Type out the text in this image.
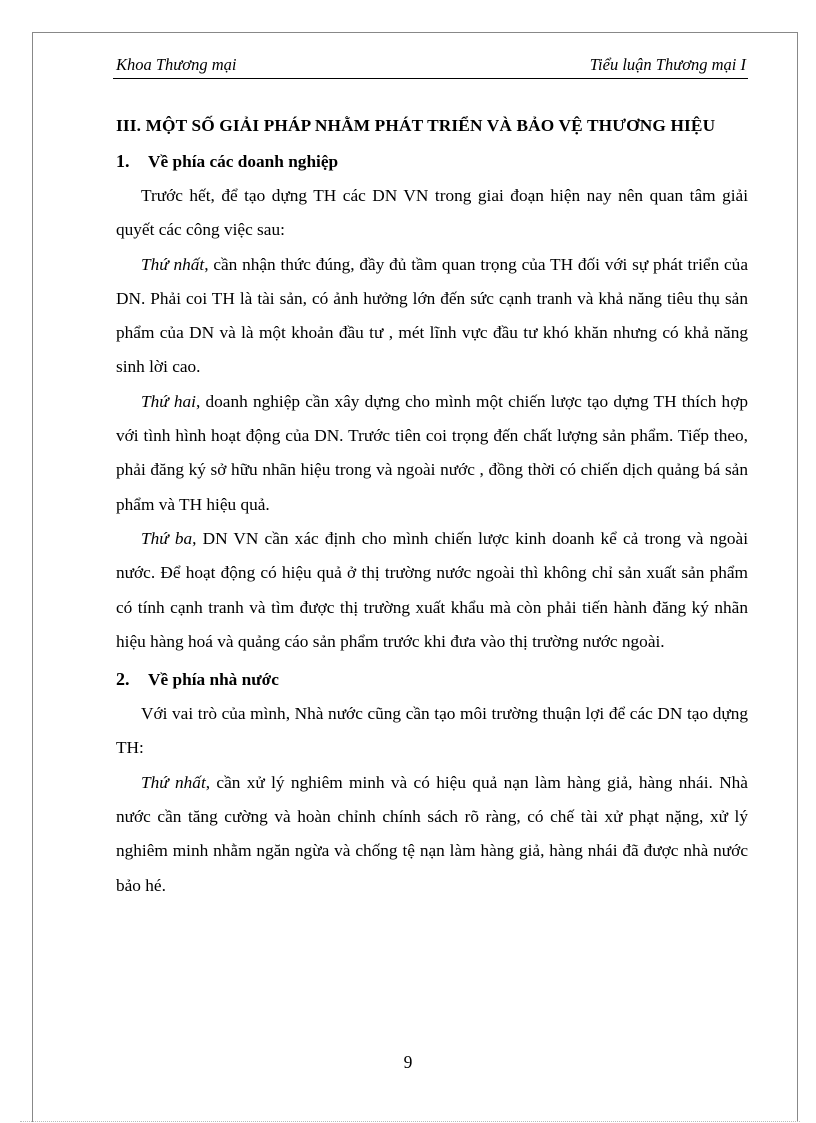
Khoa Thương mại	Tiểu luận Thương mại I

III. MỘT SỐ GIẢI PHÁP NHẰM PHÁT TRIỂN VÀ BẢO VỆ THƯƠNG HIỆU

1. Về phía các doanh nghiệp

Trước hết, để tạo dựng TH các DN VN trong giai đoạn hiện nay nên quan tâm giải quyết các công việc sau:

Thứ nhất, cần nhận thức đúng, đầy đủ tầm quan trọng của TH đối với sự phát triển của DN. Phải coi TH là tài sản, có ảnh hưởng lớn đến sức cạnh tranh và khả năng tiêu thụ sản phẩm của DN và là một khoản đầu tư , mét lĩnh vực đầu tư khó khăn nhưng có khả năng sinh lời cao.

Thứ hai, doanh nghiệp cần xây dựng cho mình một chiến lược tạo dựng TH thích hợp với tình hình hoạt động của DN. Trước tiên coi trọng đến chất lượng sản phẩm. Tiếp theo, phải đăng ký sở hữu nhãn hiệu trong và ngoài nước , đồng thời có chiến dịch quảng bá sản phẩm và TH hiệu quả.

Thứ ba, DN VN cần xác định cho mình chiến lược kinh doanh kể cả trong và ngoài nước. Để hoạt động có hiệu quả ở thị trường nước ngoài thì không chỉ sản xuất sản phẩm có tính cạnh tranh và tìm được thị trường xuất khẩu mà còn phải tiến hành đăng ký nhãn hiệu hàng hoá và quảng cáo sản phẩm trước khi đưa vào thị trường nước ngoài.

2. Về phía nhà nước

Với vai trò của mình, Nhà nước cũng cần tạo môi trường thuận lợi để các DN tạo dựng TH:

Thứ nhất, cần xử lý nghiêm minh và có hiệu quả nạn làm hàng giả, hàng nhái. Nhà nước cần tăng cường và hoàn chỉnh chính sách rõ ràng, có chế tài xử phạt nặng, xử lý nghiêm minh nhằm ngăn ngừa và chống tệ nạn làm hàng giả, hàng nhái đã được nhà nước bảo hé.

9
